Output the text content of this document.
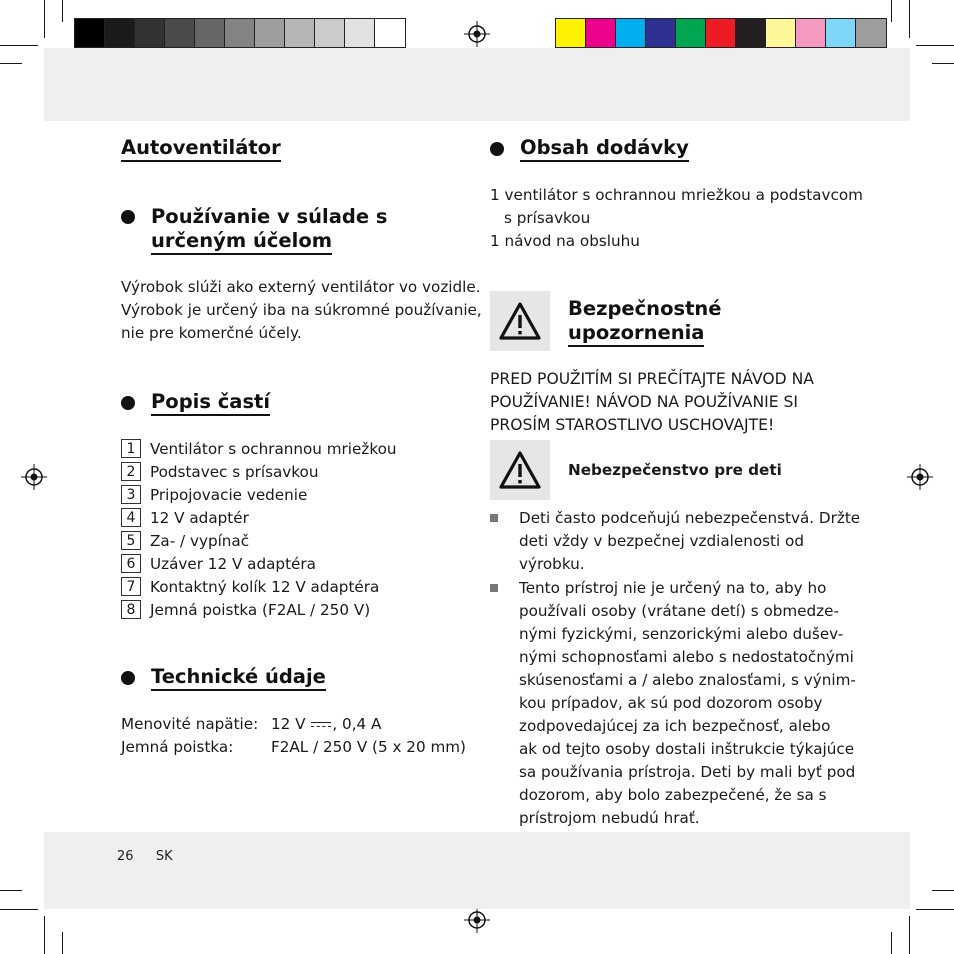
Autoventilátor
Používanie v súlade s
určeným účelom

Výrobok slúži ako externý ventilátor vo vozidle.
Výrobok je určený iba na súkromné používanie,
nie pre komerčné účely.

Popis častí
1 Ventilátor s ochrannou mriežkou
2 Podstavec s prísavkou
3 Pripojovacie vedenie
4 12 V adaptér
5 Za- / vypínač
6 Uzáver 12 V adaptéra
7 Kontaktný kolík 12 V adaptéra
8 Jemná poistka (F2AL / 250 V)
Technické údaje
Menovité napätie: 12 V , 0,4 A
Jemná poistka: F2AL / 250 V (5 x 20 mm)
Obsah dodávky

1 ventilátor s ochrannou mriežkou a podstavcom
s prísavkou
1 návod na obsluhu

Bezpečnostné
upozornenia

PRED POUŽITÍM SI PREČÍTAJTE NÁVOD NA
POUŽÍVANIE! NÁVOD NA POUŽÍVANIE SI
PROSÍM STAROSTLIVO USCHOVAJTE!

Nebezpečenstvo pre deti

Deti často podceňujú nebezpečenstvá. Držte
deti vždy v bezpečnej vzdialenosti od
výrobku.

Tento prístroj nie je určený na to, aby ho
používali osoby (vrátane detí) s obmedze-
nými fyzickými, senzorickými alebo dušev-
nými schopnosťami alebo s nedostatočnými
skúsenosťami a / alebo znalosťami, s výnim-
kou prípadov, ak sú pod dozorom osoby
zodpovedajúcej za ich bezpečnosť, alebo
ak od tejto osoby dostali inštrukcie týkajúce
sa používania prístroja. Deti by mali byť pod
dozorom, aby bolo zabezpečené, že sa s
prístrojom nebudú hrať.

26 SK
